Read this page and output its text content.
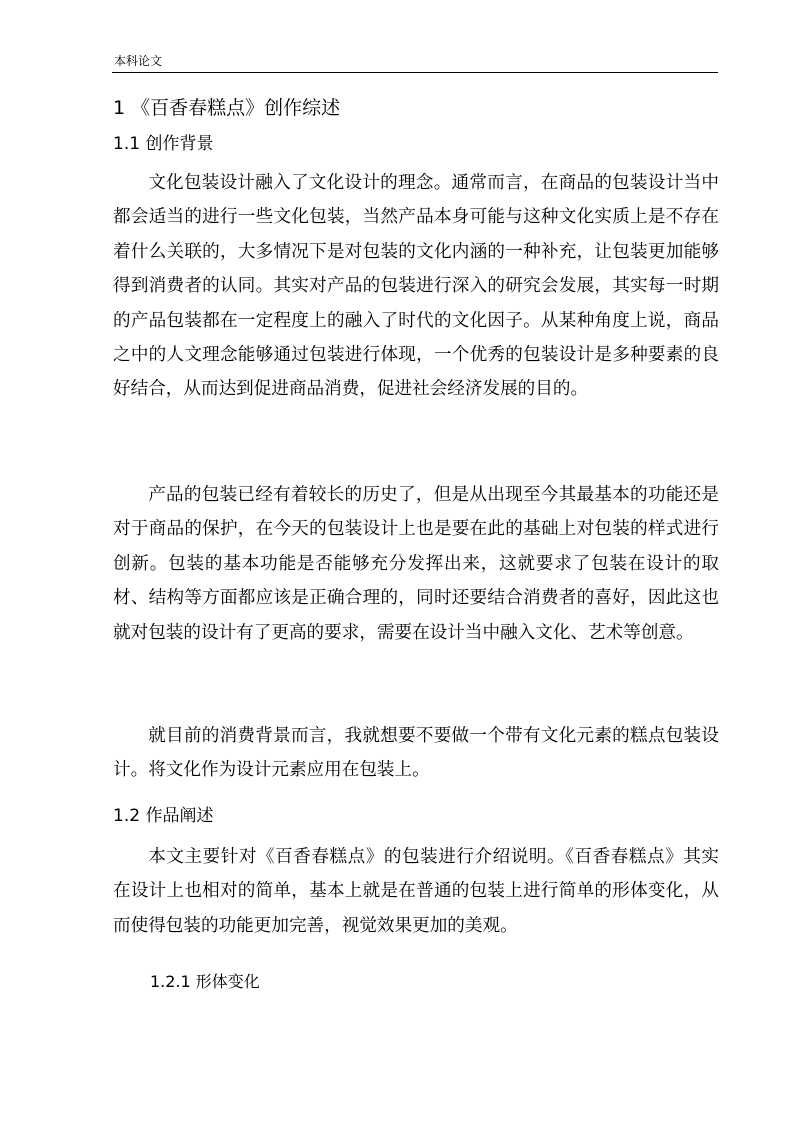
本科论文
1 《百香春糕点》创作综述
1.1 创作背景

文化包装设计融入了文化设计的理念。通常而言，在商品的包装设计当中都会适当的进行一些文化包装，当然产品本身可能与这种文化实质上是不存在着什么关联的，大多情况下是对包装的文化内涵的一种补充，让包装更加能够得到消费者的认同。其实对产品的包装进行深入的研究会发展，其实每一时期的产品包装都在一定程度上的融入了时代的文化因子。从某种角度上说，商品之中的人文理念能够通过包装进行体现，一个优秀的包装设计是多种要素的良好结合，从而达到促进商品消费，促进社会经济发展的目的。

产品的包装已经有着较长的历史了，但是从出现至今其最基本的功能还是对于商品的保护，在今天的包装设计上也是要在此的基础上对包装的样式进行创新。包装的基本功能是否能够充分发挥出来，这就要求了包装在设计的取材、结构等方面都应该是正确合理的，同时还要结合消费者的喜好，因此这也就对包装的设计有了更高的要求，需要在设计当中融入文化、艺术等创意。

就目前的消费背景而言，我就想要不要做一个带有文化元素的糕点包装设计。将文化作为设计元素应用在包装上。

1.2 作品阐述

本文主要针对《百香春糕点》的包装进行介绍说明。《百香春糕点》其实在设计上也相对的简单，基本上就是在普通的包装上进行简单的形体变化，从而使得包装的功能更加完善，视觉效果更加的美观。

1.2.1 形体变化
